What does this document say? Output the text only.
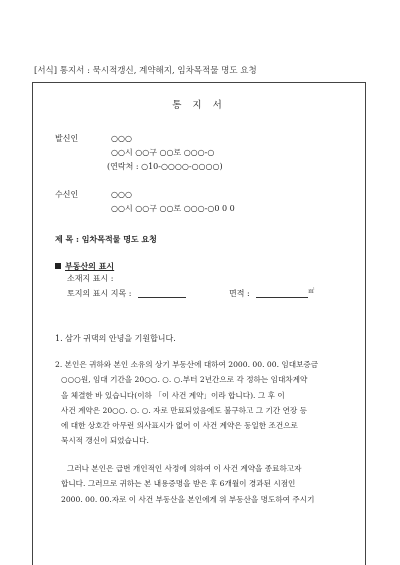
[서식] 통지서 : 묵시적갱신, 계약해지, 임차목적물 명도 요청
통 지 서
발신인	○○○
○○시 ○○구 ○○로 ○○○-○
(연락처 : ○10-○○○○-○○○○)
수신인	○○○
○○시 ○○구 ○○로 ○○○-○0 0 0
제 목 : 임차목적물 명도 요청
부동산의 표시
소재지 표시 :
토지의 표시 지목 :	면적 :	㎡
1. 삼가 귀댁의 안녕을 기원합니다.
2. 본인은 귀하와 본인 소유의 상기 부동산에 대하여 2000. 00. 00. 임대보증금
○○○원, 임대 기간을 20○○. ○. ○.부터 2년간으로 각 정하는 임대차계약
을 체결한 바 있습니다(이하 「이 사건 계약」이라 합니다). 그 후 이
사건 계약은 20○○. ○. ○. 자로 만료되었음에도 불구하고 그 기간 연장 등
에 대한 상호간 아무런 의사표시가 없어 이 사건 계약은 동일한 조건으로
묵시적 갱신이 되었습니다.
그러나 본인은 급번 개인적인 사정에 의하여 이 사건 계약을 종료하고자
합니다. 그러므로 귀하는 본 내용증명을 받은 후 6개월이 경과된 시점인
2000. 00. 00.자로 이 사건 부동산을 본인에게 위 부동산을 명도하여 주시기
